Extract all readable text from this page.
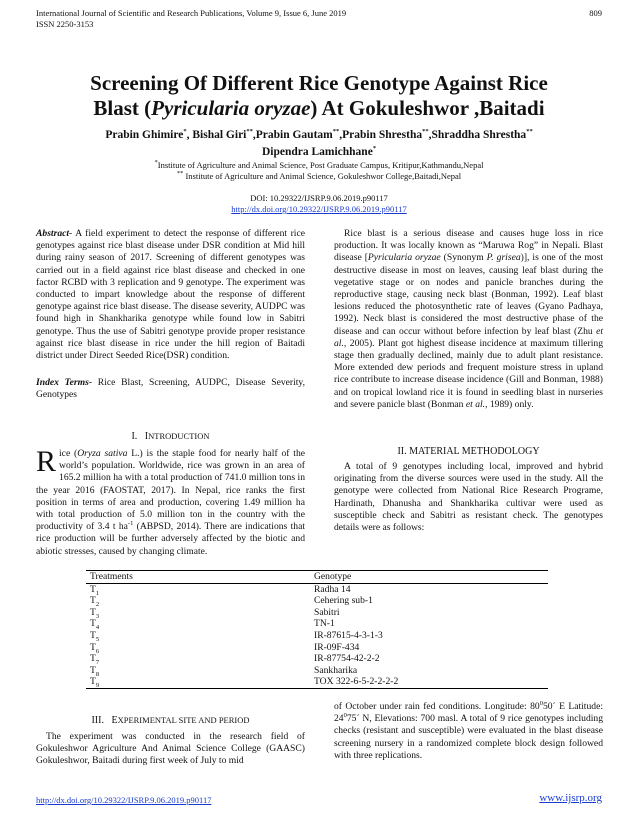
International Journal of Scientific and Research Publications, Volume 9, Issue 6, June 2019
ISSN 2250-3153
809
Screening Of Different Rice Genotype Against Rice
Blast (Pyricularia oryzae) At Gokuleshwor ,Baitadi
Prabin Ghimire*, Bishal Giri**,Prabin Gautam**,Prabin Shrestha**,Shraddha Shrestha**
Dipendra Lamichhane*
*Institute of Agriculture and Animal Science, Post Graduate Campus, Kritipur,Kathmandu,Nepal
** Institute of Agriculture and Animal Science, Gokuleshwor College,Baitadi,Nepal
DOI: 10.29322/IJSRP.9.06.2019.p90117
http://dx.doi.org/10.29322/IJSRP.9.06.2019.p90117

Abstract- A field experiment to detect the response of different rice genotypes against rice blast disease under DSR condition at Mid hill during rainy season of 2017. Screening of different genotypes was carried out in a field against rice blast disease and checked in one factor RCBD with 3 replication and 9 genotype. The experiment was conducted to impart knowledge about the response of different genotype against rice blast disease. The disease severity, AUDPC was found high in Shankharika genotype while found low in Sabitri genotype. Thus the use of Sabitri genotype provide proper resistance against rice blast disease in rice under the hill region of Baitadi district under Direct Seeded Rice(DSR) condition.

Index Terms- Rice Blast, Screening, AUDPC, Disease Severity, Genotypes

I. INTRODUCTION

Rice (Oryza sativa L.) is the staple food for nearly half of the world’s population. Worldwide, rice was grown in an area of 165.2 million ha with a total production of 741.0 million tons in the year 2016 (FAOSTAT, 2017). In Nepal, rice ranks the first position in terms of area and production, covering 1.49 million ha with total production of 5.0 million ton in the country with the productivity of 3.4 t $ha^{-1}$ (ABPSD, 2014). There are indications that rice production will be further adversely affected by the biotic and abiotic stresses, caused by changing climate.

Rice blast is a serious disease and causes huge loss in rice production. It was locally known as “Maruwa Rog” in Nepali. Blast disease [Pyricularia oryzae (Synonym P. grisea)], is one of the most destructive disease in most on leaves, causing leaf blast during the vegetative stage or on nodes and panicle branches during the reproductive stage, causing neck blast (Bonman, 1992). Leaf blast lesions reduced the photosynthetic rate of leaves (Gyano Padhaya, 1992). Neck blast is considered the most destructive phase of the disease and can occur without before infection by leaf blast (Zhu et al., 2005). Plant got highest disease incidence at maximum tillering stage then gradually declined, mainly due to adult plant resistance. More extended dew periods and frequent moisture stress in upland rice contribute to increase disease incidence (Gill and Bonman, 1988) and on tropical lowland rice it is found in seedling blast in nurseries and severe panicle blast (Bonman et al., 1989) only.

II. MATERIAL METHODOLOGY

A total of 9 genotypes including local, improved and hybrid originating from the diverse sources were used in the study. All the genotype were collected from National Rice Research Programe, Hardinath, Dhanusha and Shankharika cultivar were used as susceptible check and Sabitri as resistant check. The genotypes details were as follows:

Treatments	Genotype
$T_1$	Radha 14
$T_2$	Cehering sub-1
$T_3$	Sabitri
$T_4$	TN-1
$T_5$	IR-87615-4-3-1-3
$T_6$	IR-09F-434
$T_7$	IR-87754-42-2-2
$T_8$	Sankharika
$T_9$	TOX 322-6-5-2-2-2-2
III. EXPERIMENTAL SITE AND PERIOD

The experiment was conducted in the research field of Gokuleshwor Agriculture And Animal Science College (GAASC) Gokuleshwor, Baitadi during first week of July to mid

of October under rain fed conditions. Longitude: $80^050´$ E Latitude: $24^075´$ N, Elevations: 700 masl. A total of 9 rice genotypes including checks (resistant and susceptible) were evaluated in the blast disease screening nursery in a randomized complete block design followed with three replications.

http://dx.doi.org/10.29322/IJSRP.9.06.2019.p90117	www.ijsrp.org
